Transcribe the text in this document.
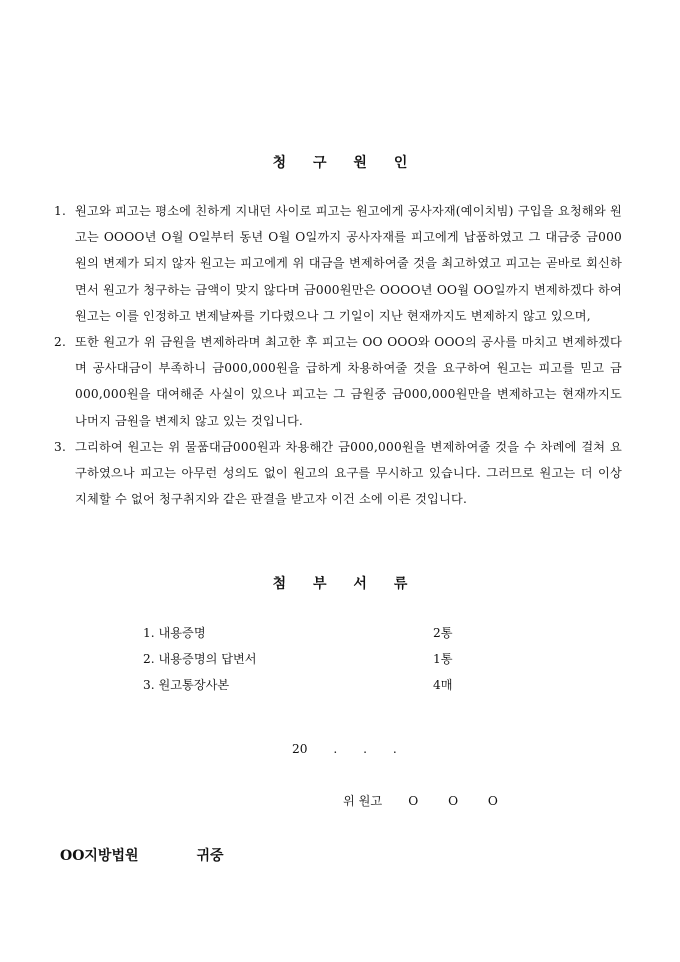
청 구 원 인
1. 원고와 피고는 평소에 친하게 지내던 사이로 피고는 원고에게 공사자재(예이치빔) 구입을 요청해와 원고는 OOOO년 O월 O일부터 동년 O월 O일까지 공사자재를 피고에게 납품하였고 그 대금중 금000원의 변제가 되지 않자 원고는 피고에게 위 대금을 변제하여줄 것을 최고하였고 피고는 곧바로 회신하면서 원고가 청구하는 금액이 맞지 않다며 금000원만은 OOOO년 OO월 OO일까지 변제하겠다 하여 원고는 이를 인정하고 변제날짜를 기다렸으나 그 기일이 지난 현재까지도 변제하지 않고 있으며,
2. 또한 원고가 위 금원을 변제하라며 최고한 후 피고는 OO OOO와 OOO의 공사를 마치고 변제하겠다며 공사대금이 부족하니 금000,000원을 급하게 차용하여줄 것을 요구하여 원고는 피고를 믿고 금000,000원을 대여해준 사실이 있으나 피고는 그 금원중 금000,000원만을 변제하고는 현재까지도 나머지 금원을 변제치 않고 있는 것입니다.
3. 그리하여 원고는 위 물품대금000원과 차용해간 금000,000원을 변제하여줄 것을 수 차례에 걸쳐 요구하였으나 피고는 아무런 성의도 없이 원고의 요구를 무시하고 있습니다. 그러므로 원고는 더 이상 지체할 수 없어 청구취지와 같은 판결을 받고자 이건 소에 이른 것입니다.
첨 부 서 류
1. 내용증명	2통
2. 내용증명의 답변서	1통
3. 원고통장사본	4매
20 . . .
위 원고 O O O
OO지방법원	귀중
